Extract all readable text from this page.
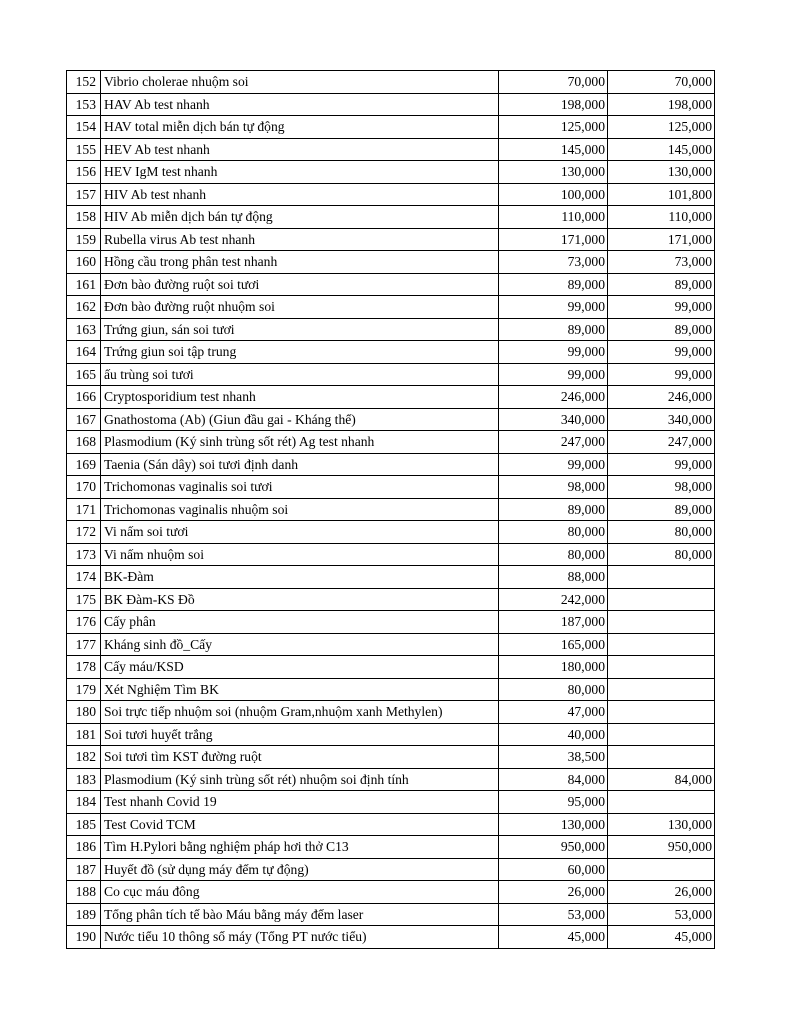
152	Vibrio cholerae nhuộm soi	70,000	70,000
153	HAV Ab test nhanh	198,000	198,000
154	HAV total miễn dịch bán tự động	125,000	125,000
155	HEV Ab test nhanh	145,000	145,000
156	HEV IgM test nhanh	130,000	130,000
157	HIV Ab test nhanh	100,000	101,800
158	HIV Ab miễn dịch bán tự động	110,000	110,000
159	Rubella virus Ab test nhanh	171,000	171,000
160	Hồng cầu trong phân test nhanh	73,000	73,000
161	Đơn bào đường ruột soi tươi	89,000	89,000
162	Đơn bào đường ruột nhuộm soi	99,000	99,000
163	Trứng giun, sán soi tươi	89,000	89,000
164	Trứng giun soi tập trung	99,000	99,000
165	ấu trùng soi tươi	99,000	99,000
166	Cryptosporidium test nhanh	246,000	246,000
167	Gnathostoma (Ab) (Giun đầu gai - Kháng thể)	340,000	340,000
168	Plasmodium (Ký sinh trùng sốt rét) Ag test nhanh	247,000	247,000
169	Taenia (Sán dây) soi tươi định danh	99,000	99,000
170	Trichomonas vaginalis soi tươi	98,000	98,000
171	Trichomonas vaginalis nhuộm soi	89,000	89,000
172	Vi nấm soi tươi	80,000	80,000
173	Vi nấm nhuộm soi	80,000	80,000
174	BK-Đàm	88,000	
175	BK Đàm-KS Đồ	242,000	
176	Cấy phân	187,000	
177	Kháng sinh đồ_Cấy	165,000	
178	Cấy máu/KSD	180,000	
179	Xét Nghiệm Tìm BK	80,000	
180	Soi trực tiếp nhuộm soi (nhuộm Gram,nhuộm xanh Methylen)	47,000	
181	Soi tươi huyết trắng	40,000	
182	Soi tươi tìm KST đường ruột	38,500	
183	Plasmodium (Ký sinh trùng sốt rét) nhuộm soi định tính	84,000	84,000
184	Test nhanh Covid 19	95,000	
185	Test Covid TCM	130,000	130,000
186	Tìm H.Pylori bằng nghiệm pháp hơi thở C13	950,000	950,000
187	Huyết đồ (sử dụng máy đếm tự động)	60,000	
188	Co cục máu đông	26,000	26,000
189	Tổng phân tích tế bào Máu bằng máy đếm laser	53,000	53,000
190	Nước tiểu 10 thông số máy (Tổng PT nước tiểu)	45,000	45,000
